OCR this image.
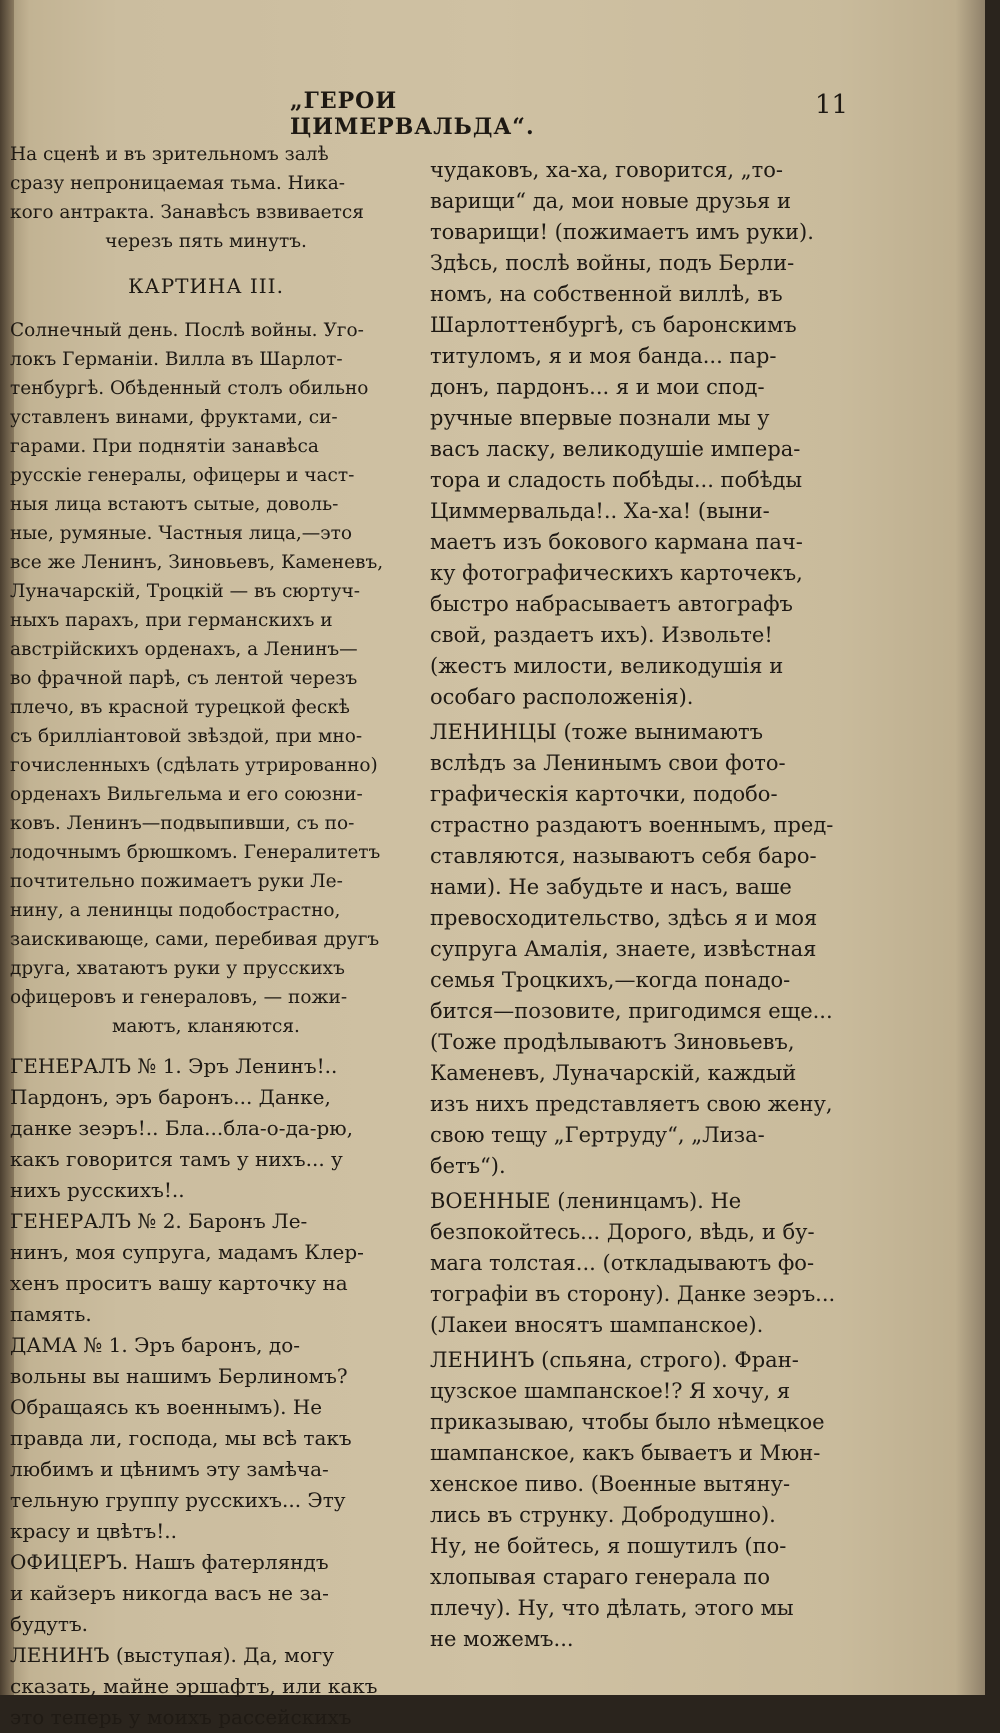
„ГЕРОИ ЦИМЕРВАЛЬДА“.
11
На сценѣ и въ зрительномъ залѣ
сразу непроницаемая тьма. Ника-
кого антракта. Занавѣсъ взвивается
черезъ пять минутъ.
КАРТИНА III.
Солнечный день. Послѣ войны. Уго-
локъ Германіи. Вилла въ Шарлот-
тенбургѣ. Обѣденный столъ обильно
уставленъ винами, фруктами, си-
гарами. При поднятіи занавѣса
русскіе генералы, офицеры и част-
ныя лица встаютъ сытые, доволь-
ные, румяные. Частныя лица,—это
все же Ленинъ, Зиновьевъ, Каменевъ,
Луначарскій, Троцкій — въ сюртуч-
ныхъ парахъ, при германскихъ и
австрійскихъ орденахъ, а Ленинъ—
во фрачной парѣ, съ лентой черезъ
плечо, въ красной турецкой фескѣ
съ брилліантовой звѣздой, при мно-
гочисленныхъ (сдѣлать утрированно)
орденахъ Вильгельма и его союзни-
ковъ. Ленинъ—подвыпивши, съ по-
лодочнымъ брюшкомъ. Генералитетъ
почтительно пожимаетъ руки Ле-
нину, а ленинцы подобострастно,
заискивающе, сами, перебивая другъ
друга, хватаютъ руки у прусскихъ
офицеровъ и генераловъ, — пожи-
маютъ, кланяются.
ГЕНЕРАЛЪ № 1. Эръ Ленинъ!..
Пардонъ, эръ баронъ... Данке,
данке зеэръ!.. Бла...бла-о-да-рю,
какъ говорится тамъ у нихъ... у
нихъ русскихъ!..
ГЕНЕРАЛЪ № 2. Баронъ Ле-
нинъ, моя супруга, мадамъ Клер-
хенъ проситъ вашу карточку на
память.
ДАМА № 1. Эръ баронъ, до-
вольны вы нашимъ Берлиномъ?
Обращаясь къ военнымъ). Не
правда ли, господа, мы всѣ такъ
любимъ и цѣнимъ эту замѣча-
тельную группу русскихъ... Эту
красу и цвѣтъ!..
ОФИЦЕРЪ. Нашъ фатерляндъ
и кайзеръ никогда васъ не за-
будутъ.
ЛЕНИНЪ (выступая). Да, могу
сказать, майне эршафтъ, или какъ
это теперь у моихъ рассейскихъ
чудаковъ, ха-ха, говорится, „то-
варищи“ да, мои новые друзья и
товарищи! (пожимаетъ имъ руки).
Здѣсь, послѣ войны, подъ Берли-
номъ, на собственной виллѣ, въ
Шарлоттенбургѣ, съ баронскимъ
титуломъ, я и моя банда... пар-
донъ, пардонъ... я и мои спод-
ручные впервые познали мы у
васъ ласку, великодушіе импера-
тора и сладость побѣды... побѣды
Циммервальда!.. Ха-ха! (выни-
маетъ изъ бокового кармана пач-
ку фотографическихъ карточекъ,
быстро набрасываетъ автографъ
свой, раздаетъ ихъ). Извольте!
(жестъ милости, великодушія и
особаго расположенія).
ЛЕНИНЦЫ (тоже вынимаютъ
вслѣдъ за Ленинымъ свои фото-
графическія карточки, подобо-
страстно раздаютъ военнымъ, пред-
ставляются, называютъ себя баро-
нами). Не забудьте и насъ, ваше
превосходительство, здѣсь я и моя
супруга Амалія, знаете, извѣстная
семья Троцкихъ,—когда понадо-
бится—позовите, пригодимся еще...
(Тоже продѣлываютъ Зиновьевъ,
Каменевъ, Луначарскій, каждый
изъ нихъ представляетъ свою жену,
свою тещу „Гертруду“, „Лиза-
бетъ“).
ВОЕННЫЕ (ленинцамъ). Не
безпокойтесь... Дорого, вѣдь, и бу-
мага толстая... (откладываютъ фо-
тографіи въ сторону). Данке зеэръ...
(Лакеи вносятъ шампанское).
ЛЕНИНЪ (спьяна, строго). Фран-
цузское шампанское!? Я хочу, я
приказываю, чтобы было нѣмецкое
шампанское, какъ бываетъ и Мюн-
хенское пиво. (Военные вытяну-
лись въ струнку. Добродушно).
Ну, не бойтесь, я пошутилъ (по-
хлопывая стараго генерала по
плечу). Ну, что дѣлать, этого мы
не можемъ...
